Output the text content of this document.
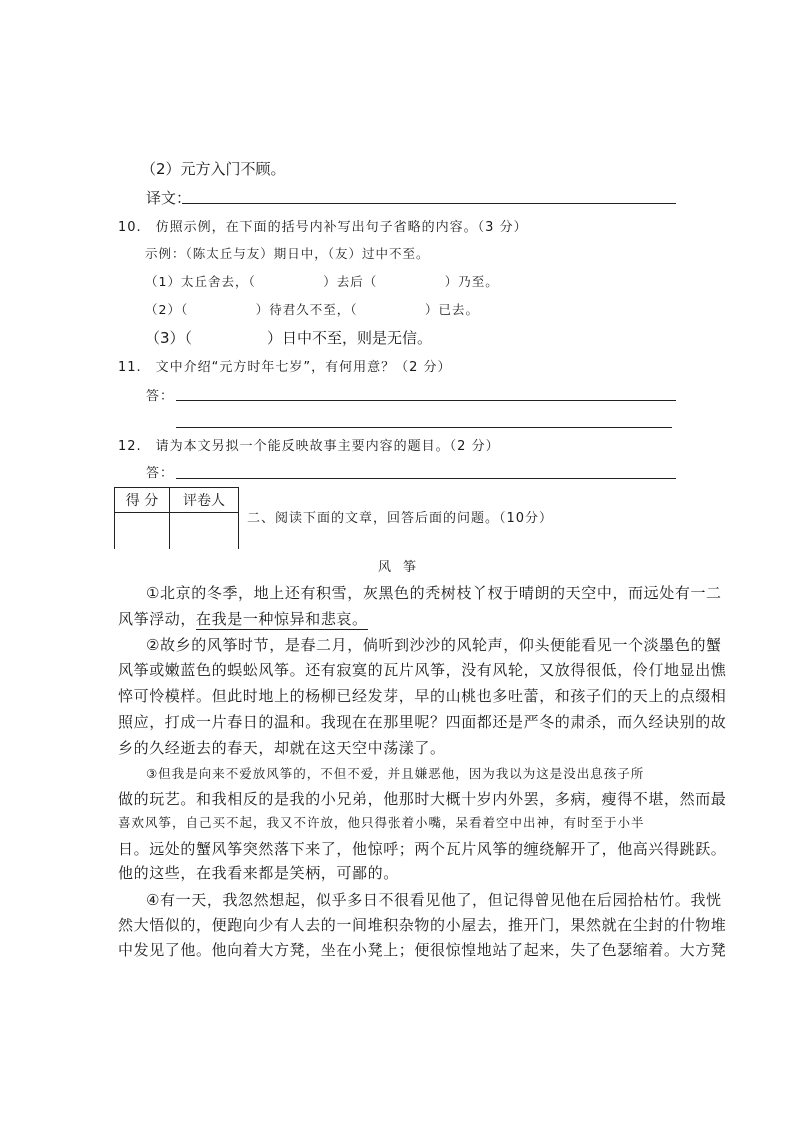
（2）元方入门不顾。
译文：
10.　仿照示例，在下面的括号内补写出句子省略的内容。（3 分）
示例：（陈太丘与友）期日中，（友）过中不至。
（1）太丘舍去，（　　　　　）去后（　　　　　）乃至。
（2）（　　　　　）待君久不至，（　　　　　）已去。
（3）（　　　　　）日中不至，则是无信。
11.　文中介绍“元方时年七岁”，有何用意？（2 分）
答：
12.　请为本文另拟一个能反映故事主要内容的题目。（2 分）
答：
得 分	评卷人

二、阅读下面的文章，回答后面的问题。（10分）
风 筝
①北京的冬季，地上还有积雪，灰黑色的秃树枝丫杈于晴朗的天空中，而远处有一二
风筝浮动，在我是一种惊异和悲哀。
②故乡的风筝时节，是春二月，倘听到沙沙的风轮声，仰头便能看见一个淡墨色的蟹
风筝或嫩蓝色的蜈蚣风筝。还有寂寞的瓦片风筝，没有风轮，又放得很低，伶仃地显出憔
悴可怜模样。但此时地上的杨柳已经发芽，早的山桃也多吐蕾，和孩子们的天上的点缀相
照应，打成一片春日的温和。我现在在那里呢？四面都还是严冬的肃杀，而久经诀别的故
乡的久经逝去的春天，却就在这天空中荡漾了。
③但我是向来不爱放风筝的，不但不爱，并且嫌恶他，因为我以为这是没出息孩子所
做的玩艺。和我相反的是我的小兄弟，他那时大概十岁内外罢，多病，瘦得不堪，然而最
喜欢风筝，自己买不起，我又不许放，他只得张着小嘴，呆看着空中出神，有时至于小半
日。远处的蟹风筝突然落下来了，他惊呼；两个瓦片风筝的缠绕解开了，他高兴得跳跃。
他的这些，在我看来都是笑柄，可鄙的。
④有一天，我忽然想起，似乎多日不很看见他了，但记得曾见他在后园拾枯竹。我恍
然大悟似的，便跑向少有人去的一间堆积杂物的小屋去，推开门，果然就在尘封的什物堆
中发见了他。他向着大方凳，坐在小凳上；便很惊惶地站了起来，失了色瑟缩着。大方凳
